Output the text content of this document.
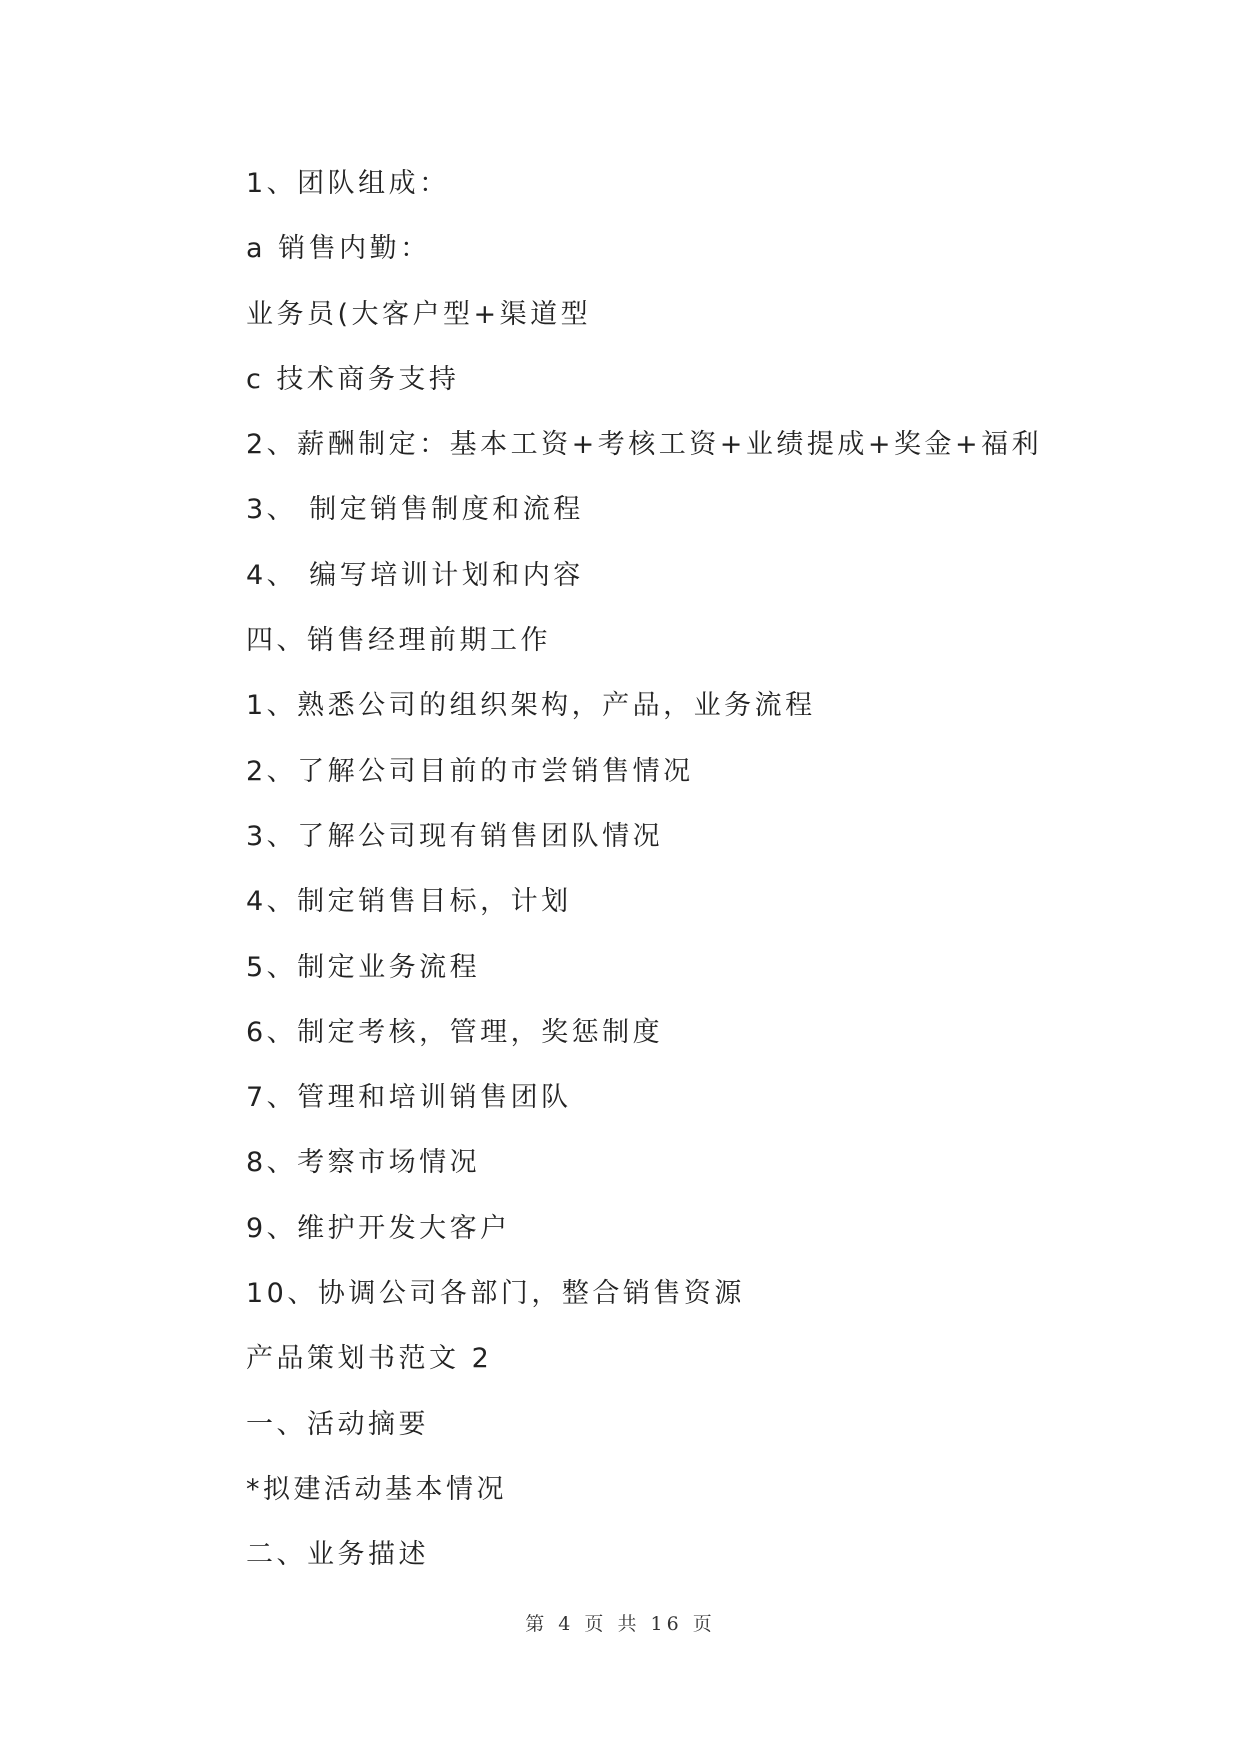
1、团队组成：
a 销售内勤：
业务员(大客户型+渠道型
c 技术商务支持
2、薪酬制定：基本工资+考核工资+业绩提成+奖金+福利
3、 制定销售制度和流程
4、 编写培训计划和内容
四、销售经理前期工作
1、熟悉公司的组织架构，产品，业务流程
2、了解公司目前的市尝销售情况
3、了解公司现有销售团队情况
4、制定销售目标，计划
5、制定业务流程
6、制定考核，管理，奖惩制度
7、管理和培训销售团队
8、考察市场情况
9、维护开发大客户
10、协调公司各部门，整合销售资源
产品策划书范文 2
一、活动摘要
*拟建活动基本情况
二、业务描述
第 4 页 共 16 页
